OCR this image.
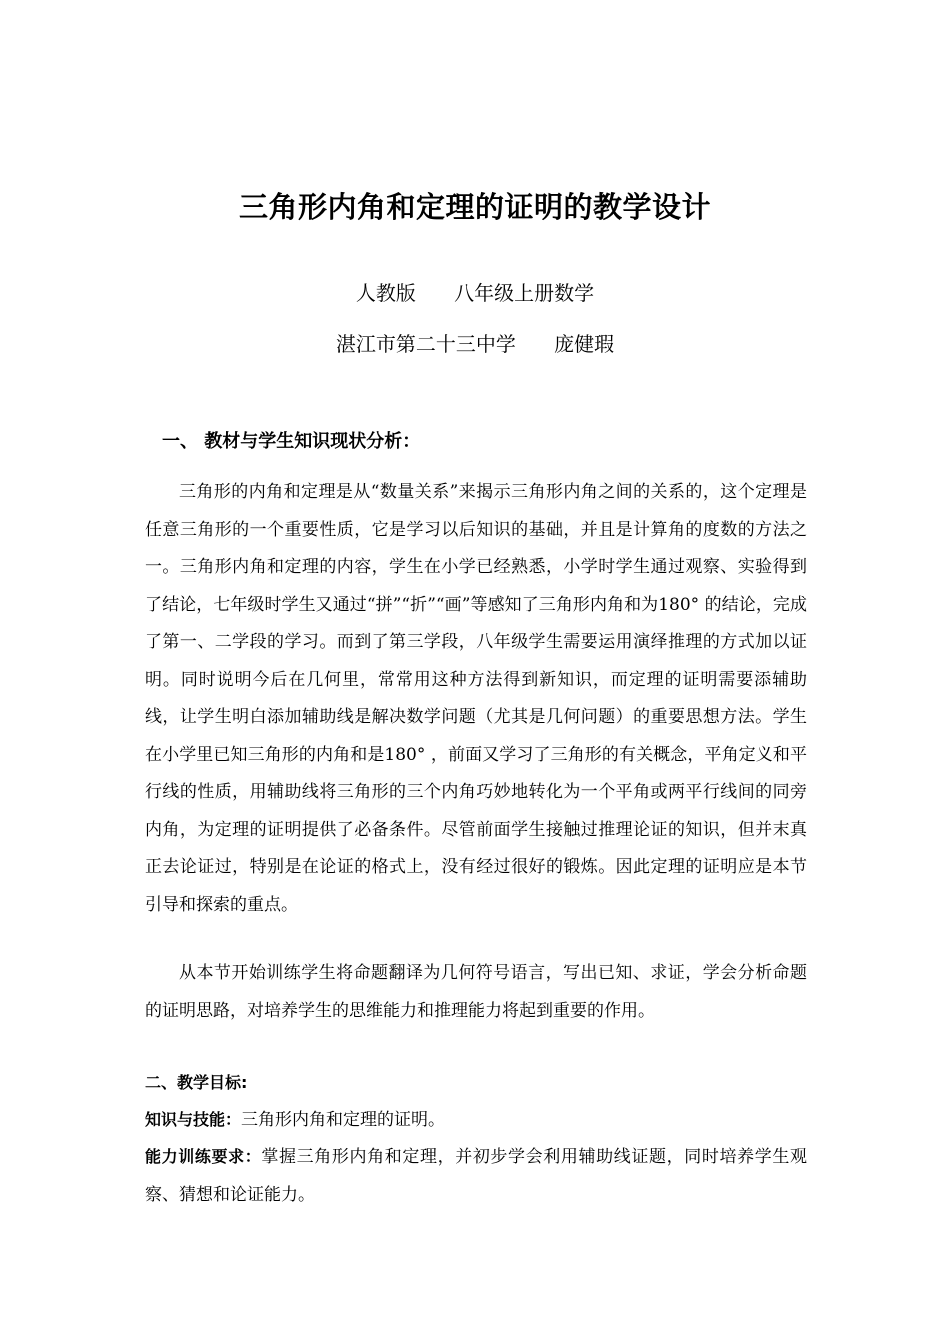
三角形内角和定理的证明的教学设计
人教版      八年级上册数学
湛江市第二十三中学      庞健瑕
一、 教材与学生知识现状分析：
三角形的内角和定理是从“数量关系”来揭示三角形内角之间的关系的，这个定理是任意三角形的一个重要性质，它是学习以后知识的基础，并且是计算角的度数的方法之一。三角形内角和定理的内容，学生在小学已经熟悉，小学时学生通过观察、实验得到了结论，七年级时学生又通过“拼”“折”“画”等感知了三角形内角和为180° 的结论，完成了第一、二学段的学习。而到了第三学段，八年级学生需要运用演绎推理的方式加以证明。同时说明今后在几何里，常常用这种方法得到新知识，而定理的证明需要添辅助线，让学生明白添加辅助线是解决数学问题（尤其是几何问题）的重要思想方法。学生在小学里已知三角形的内角和是180° ，前面又学习了三角形的有关概念，平角定义和平行线的性质，用辅助线将三角形的三个内角巧妙地转化为一个平角或两平行线间的同旁内角，为定理的证明提供了必备条件。尽管前面学生接触过推理论证的知识，但并末真正去论证过，特别是在论证的格式上，没有经过很好的锻炼。因此定理的证明应是本节引导和探索的重点。
从本节开始训练学生将命题翻译为几何符号语言，写出已知、求证，学会分析命题的证明思路，对培养学生的思维能力和推理能力将起到重要的作用。
二、教学目标:
知识与技能：三角形内角和定理的证明。
能力训练要求：掌握三角形内角和定理，并初步学会利用辅助线证题，同时培养学生观察、猜想和论证能力。
